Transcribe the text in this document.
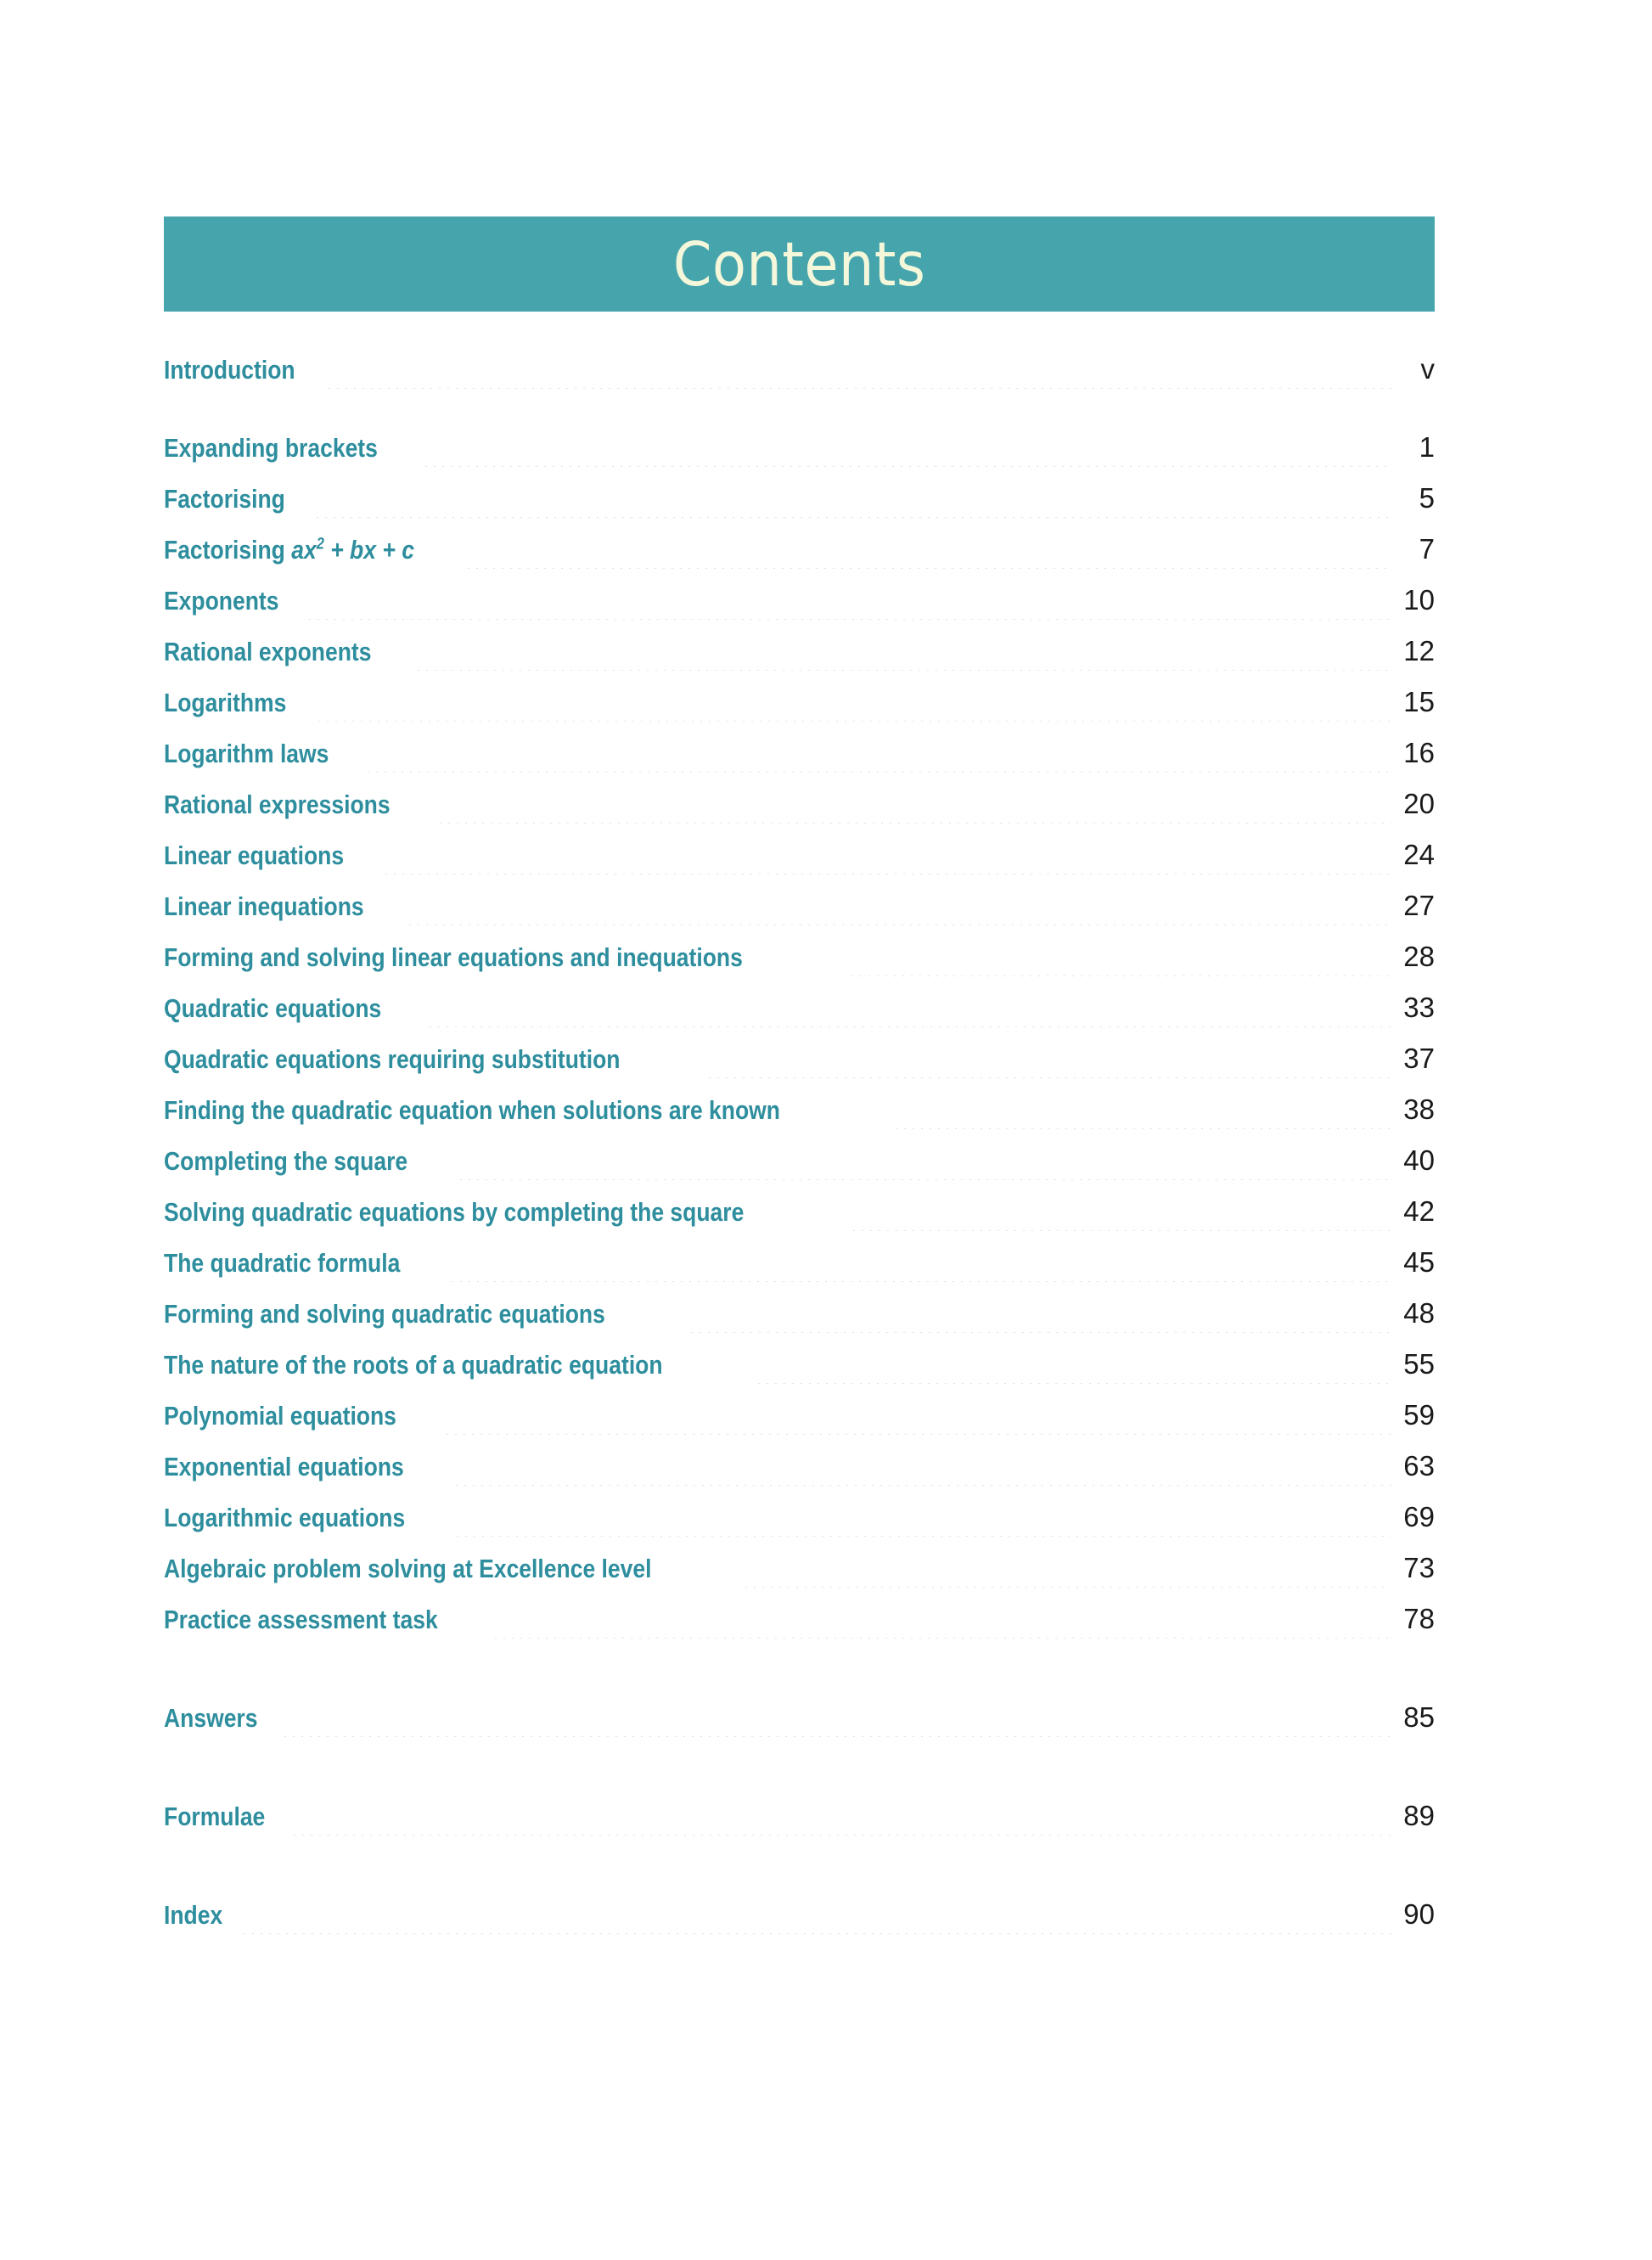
Contents
Introduction	v
Expanding brackets	1
Factorising	5
Factorising $ax^2$ + bx + c	7
Exponents	10
Rational exponents	12
Logarithms	15
Logarithm laws	16
Rational expressions	20
Linear equations	24
Linear inequations	27
Forming and solving linear equations and inequations	28
Quadratic equations	33
Quadratic equations requiring substitution	37
Finding the quadratic equation when solutions are known	38
Completing the square	40
Solving quadratic equations by completing the square	42
The quadratic formula	45
Forming and solving quadratic equations	48
The nature of the roots of a quadratic equation	55
Polynomial equations	59
Exponential equations	63
Logarithmic equations	69
Algebraic problem solving at Excellence level	73
Practice assessment task	78
Answers	85
Formulae	89
Index	90
